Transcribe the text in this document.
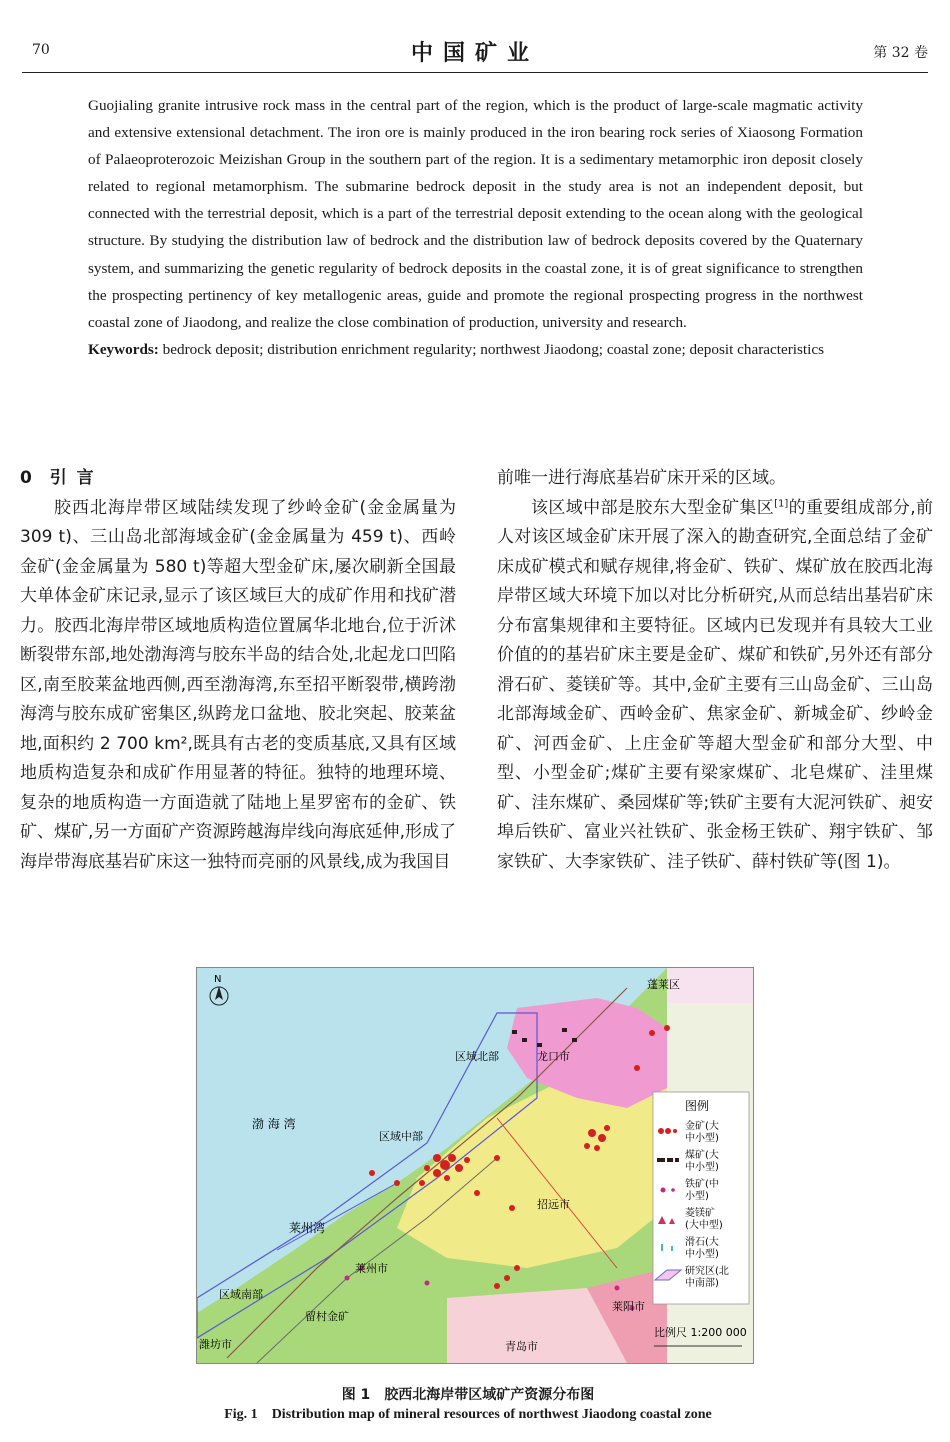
70	中国矿业	第 32 卷

Guojialing granite intrusive rock mass in the central part of the region, which is the product of large-scale magmatic activity and extensive extensional detachment. The iron ore is mainly produced in the iron bearing rock series of Xiaosong Formation of Palaeoproterozoic Meizishan Group in the southern part of the region. It is a sedimentary metamorphic iron deposit closely related to regional metamorphism. The submarine bedrock deposit in the study area is not an independent deposit, but connected with the terrestrial deposit, which is a part of the terrestrial deposit extending to the ocean along with the geological structure. By studying the distribution law of bedrock and the distribution law of bedrock deposits covered by the Quaternary system, and summarizing the genetic regularity of bedrock deposits in the coastal zone, it is of great significance to strengthen the prospecting pertinency of key metallogenic areas, guide and promote the regional prospecting progress in the northwest coastal zone of Jiaodong, and realize the close combination of production, university and research.

Keywords: bedrock deposit; distribution enrichment regularity; northwest Jiaodong; coastal zone; deposit characteristics

0 引 言

胶西北海岸带区域陆续发现了纱岭金矿(金金属量为 309 t)、三山岛北部海域金矿(金金属量为 459 t)、西岭金矿(金金属量为 580 t)等超大型金矿床,屡次刷新全国最大单体金矿床记录,显示了该区域巨大的成矿作用和找矿潜力。胶西北海岸带区域地质构造位置属华北地台,位于沂沭断裂带东部,地处渤海湾与胶东半岛的结合处,北起龙口凹陷区,南至胶莱盆地西侧,西至渤海湾,东至招平断裂带,横跨渤海湾与胶东成矿密集区,纵跨龙口盆地、胶北突起、胶莱盆地,面积约 2 700 km²,既具有古老的变质基底,又具有区域地质构造复杂和成矿作用显著的特征。独特的地理环境、复杂的地质构造一方面造就了陆地上星罗密布的金矿、铁矿、煤矿,另一方面矿产资源跨越海岸线向海底延伸,形成了海岸带海底基岩矿床这一独特而亮丽的风景线,成为我国目

前唯一进行海底基岩矿床开采的区域。

该区域中部是胶东大型金矿集区[1]的重要组成部分,前人对该区域金矿床开展了深入的勘查研究,全面总结了金矿床成矿模式和赋存规律,将金矿、铁矿、煤矿放在胶西北海岸带区域大环境下加以对比分析研究,从而总结出基岩矿床分布富集规律和主要特征。区域内已发现并有具较大工业价值的的基岩矿床主要是金矿、煤矿和铁矿,另外还有部分滑石矿、菱镁矿等。其中,金矿主要有三山岛金矿、三山岛北部海域金矿、西岭金矿、焦家金矿、新城金矿、纱岭金矿、河西金矿、上庄金矿等超大型金矿和部分大型、中型、小型金矿;煤矿主要有梁家煤矿、北皂煤矿、洼里煤矿、洼东煤矿、桑园煤矿等;铁矿主要有大泥河铁矿、昶安埠后铁矿、富业兴社铁矿、张金杨王铁矿、翔宇铁矿、邹家铁矿、大李家铁矿、洼子铁矿、薛村铁矿等(图 1)。

N	蓬莱区
龙口市
区域北部
渤 海 湾
区域中部
招远市
莱州湾
莱州市
区域南部
留村金矿
潍坊市	青岛市
莱阳市
图例
金矿(大
中小型)
煤矿(大
中小型)
铁矿(中
小型)
菱镁矿
(大中型)
滑石(大
中小型)
研究区(北
中南部)
比例尺 1:200 000
图 1 胶西北海岸带区域矿产资源分布图
Fig. 1 Distribution map of mineral resources of northwest Jiaodong coastal zone
